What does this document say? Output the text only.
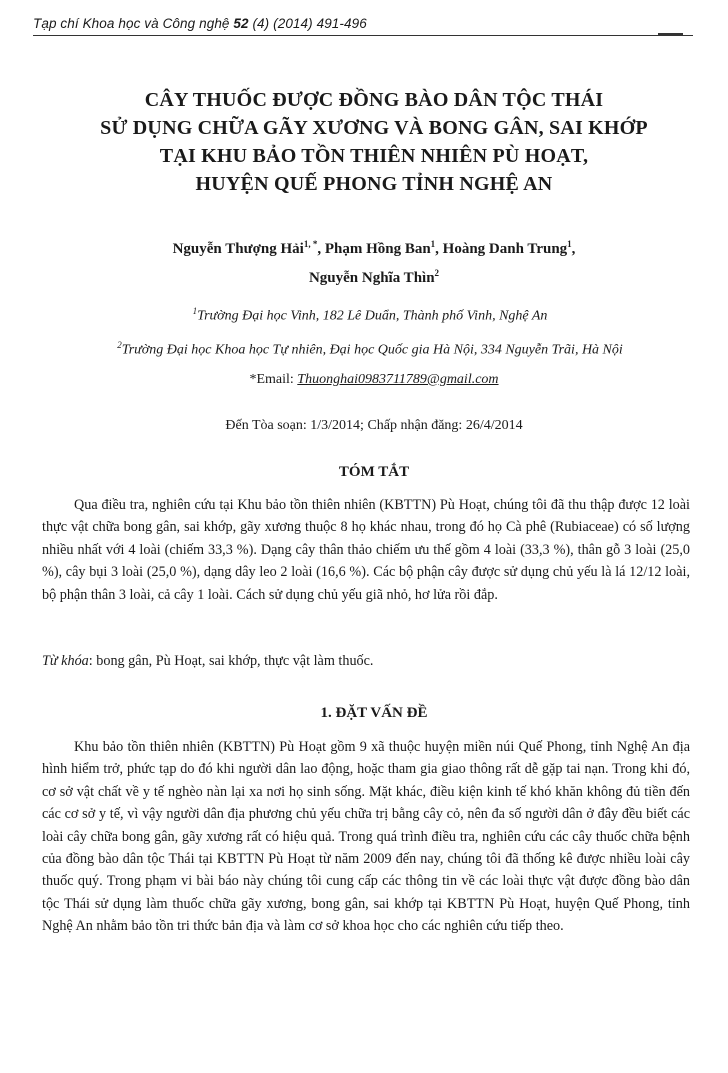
Tạp chí Khoa học và Công nghệ 52 (4) (2014) 491-496
CÂY THUỐC ĐƯỢC ĐỒNG BÀO DÂN TỘC THÁI
SỬ DỤNG CHỮA GÃY XƯƠNG VÀ BONG GÂN, SAI KHỚP
TẠI KHU BẢO TỒN THIÊN NHIÊN PÙ HOẠT,
HUYỆN QUẾ PHONG TỈNH NGHỆ AN
Nguyễn Thượng Hải$^{1, *}$, Phạm Hồng Ban$^1$, Hoàng Danh Trung$^1$,
Nguyễn Nghĩa Thìn$^2$
$^1$Trường Đại học Vinh, 182 Lê Duẩn, Thành phố Vinh, Nghệ An
$^2$Trường Đại học Khoa học Tự nhiên, Đại học Quốc gia Hà Nội, 334 Nguyễn Trãi, Hà Nội
*Email: Thuonghai0983711789@gmail.com
Đến Tòa soạn: 1/3/2014; Chấp nhận đăng: 26/4/2014
TÓM TẮT
Qua điều tra, nghiên cứu tại Khu bảo tồn thiên nhiên (KBTTN) Pù Hoạt, chúng tôi đã thu thập được 12 loài thực vật chữa bong gân, sai khớp, gãy xương thuộc 8 họ khác nhau, trong đó họ Cà phê (Rubiaceae) có số lượng nhiều nhất với 4 loài (chiếm 33,3 %). Dạng cây thân thảo chiếm ưu thế gồm 4 loài (33,3 %), thân gỗ 3 loài (25,0 %), cây bụi 3 loài (25,0 %), dạng dây leo 2 loài (16,6 %). Các bộ phận cây được sử dụng chủ yếu là lá 12/12 loài, bộ phận thân 3 loài, cả cây 1 loài. Cách sử dụng chủ yếu giã nhỏ, hơ lửa rồi đắp.
Từ khóa: bong gân, Pù Hoạt, sai khớp, thực vật làm thuốc.
1. ĐẶT VẤN ĐỀ
Khu bảo tồn thiên nhiên (KBTTN) Pù Hoạt gồm 9 xã thuộc huyện miền núi Quế Phong, tỉnh Nghệ An địa hình hiểm trở, phức tạp do đó khi người dân lao động, hoặc tham gia giao thông rất dễ gặp tai nạn. Trong khi đó, cơ sở vật chất về y tế nghèo nàn lại xa nơi họ sinh sống. Mặt khác, điều kiện kinh tế khó khăn không đủ tiền đến các cơ sở y tế, vì vậy người dân địa phương chủ yếu chữa trị bằng cây cỏ, nên đa số người dân ở đây đều biết các loài cây chữa bong gân, gãy xương rất có hiệu quả. Trong quá trình điều tra, nghiên cứu các cây thuốc chữa bệnh của đồng bào dân tộc Thái tại KBTTN Pù Hoạt từ năm 2009 đến nay, chúng tôi đã thống kê được nhiều loài cây thuốc quý. Trong phạm vi bài báo này chúng tôi cung cấp các thông tin về các loài thực vật được đồng bào dân tộc Thái sử dụng làm thuốc chữa gãy xương, bong gân, sai khớp tại KBTTN Pù Hoạt, huyện Quế Phong, tỉnh Nghệ An nhằm bảo tồn tri thức bản địa và làm cơ sở khoa học cho các nghiên cứu tiếp theo.
